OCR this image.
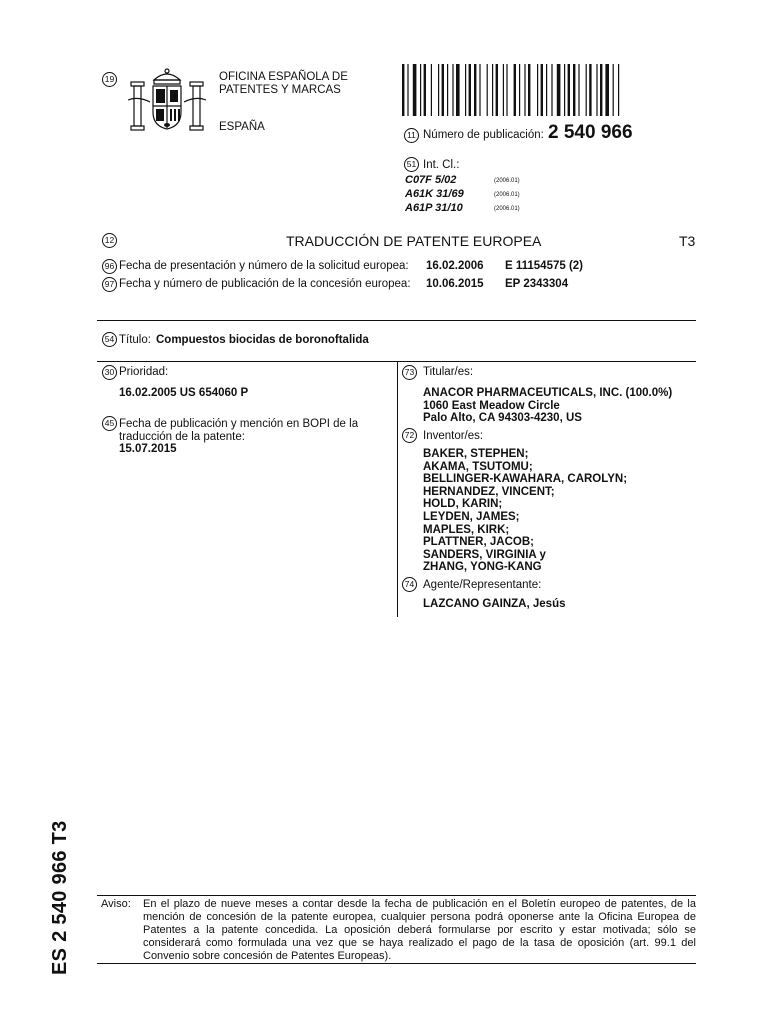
19	OFICINA ESPAÑOLA DE
PATENTES Y MARCAS
ESPAÑA
11 Número de publicación: 2 540 966
51 Int. Cl.:
C07F 5/02	(2006.01)
A61K 31/69	(2006.01)
A61P 31/10	(2006.01)
12	TRADUCCIÓN DE PATENTE EUROPEA	T3
96 Fecha de presentación y número de la solicitud europea: 16.02.2006 E 11154575 (2)
97 Fecha y número de publicación de la concesión europea: 10.06.2015 EP 2343304
54 Título: Compuestos biocidas de boronoftalida
30 Prioridad:
16.02.2005 US 654060 P
45 Fecha de publicación y mención en BOPI de la
traducción de la patente:
15.07.2015
73 Titular/es:
ANACOR PHARMACEUTICALS, INC. (100.0%)
1060 East Meadow Circle
Palo Alto, CA 94303-4230, US
72 Inventor/es:
BAKER, STEPHEN;
AKAMA, TSUTOMU;
BELLINGER-KAWAHARA, CAROLYN;
HERNANDEZ, VINCENT;
HOLD, KARIN;
LEYDEN, JAMES;
MAPLES, KIRK;
PLATTNER, JACOB;
SANDERS, VIRGINIA y
ZHANG, YONG-KANG
74 Agente/Representante:
LAZCANO GAINZA, Jesús
ES 2 540 966 T3	Aviso: En el plazo de nueve meses a contar desde la fecha de publicación en el Boletín europeo de patentes, de la mención de concesión de la patente europea, cualquier persona podrá oponerse ante la Oficina Europea de Patentes a la patente concedida. La oposición deberá formularse por escrito y estar motivada; sólo se considerará como formulada una vez que se haya realizado el pago de la tasa de oposición (art. 99.1 del Convenio sobre concesión de Patentes Europeas).
